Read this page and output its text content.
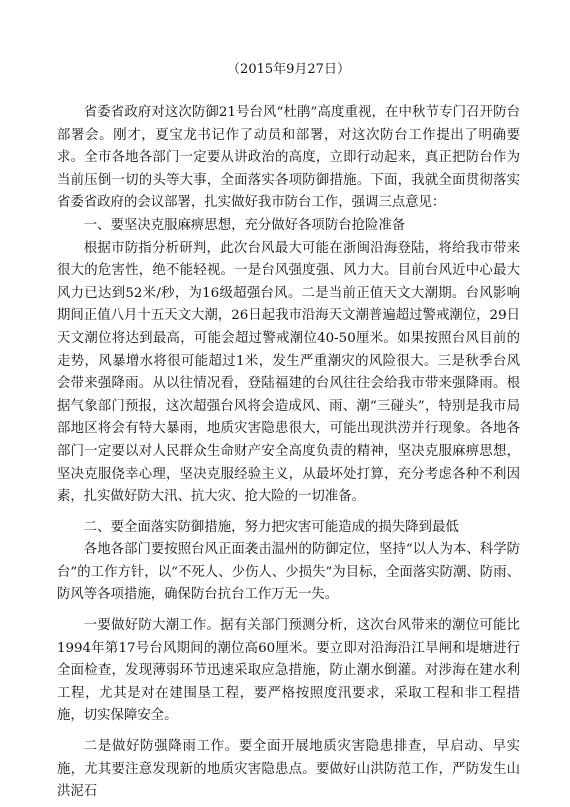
（2015年9月27日）

省委省政府对这次防御21号台风“杜鹃”高度重视，在中秋节专门召开防台部署会。刚才，夏宝龙书记作了动员和部署，对这次防台工作提出了明确要求。全市各地各部门一定要从讲政治的高度，立即行动起来，真正把防台作为当前压倒一切的头等大事，全面落实各项防御措施。下面，我就全面贯彻落实省委省政府的会议部署，扎实做好我市防台工作，强调三点意见：

一、要坚决克服麻痹思想，充分做好各项防台抢险准备

根据市防指分析研判，此次台风最大可能在浙闽沿海登陆，将给我市带来很大的危害性，绝不能轻视。一是台风强度强、风力大。目前台风近中心最大风力已达到52米/秒，为16级超强台风。二是当前正值天文大潮期。台风影响期间正值八月十五天文大潮，26日起我市沿海天文潮普遍超过警戒潮位，29日天文潮位将达到最高，可能会超过警戒潮位40-50厘米。如果按照台风目前的走势，风暴增水将很可能超过1米，发生严重潮灾的风险很大。三是秋季台风会带来强降雨。从以往情况看，登陆福建的台风往往会给我市带来强降雨。根据气象部门预报，这次超强台风将会造成风、雨、潮“三碰头”，特别是我市局部地区将会有特大暴雨，地质灾害隐患很大，可能出现洪涝并行现象。各地各部门一定要以对人民群众生命财产安全高度负责的精神，坚决克服麻痹思想，坚决克服侥幸心理，坚决克服经验主义，从最坏处打算，充分考虑各种不利因素，扎实做好防大汛、抗大灾、抢大险的一切准备。

二、要全面落实防御措施，努力把灾害可能造成的损失降到最低

各地各部门要按照台风正面袭击温州的防御定位，坚持“以人为本、科学防台”的工作方针，以“不死人、少伤人、少损失”为目标，全面落实防潮、防雨、防风等各项措施，确保防台抗台工作万无一失。

一要做好防大潮工作。据有关部门预测分析，这次台风带来的潮位可能比1994年第17号台风期间的潮位高60厘米。要立即对沿海沿江旱闸和堤塘进行全面检查，发现薄弱环节迅速采取应急措施，防止潮水倒灌。对涉海在建水利工程，尤其是对在建围垦工程，要严格按照度汛要求，采取工程和非工程措施，切实保障安全。

二是做好防强降雨工作。要全面开展地质灾害隐患排查，早启动、早实施，尤其要注意发现新的地质灾害隐患点。要做好山洪防范工作，严防发生山洪泥石
